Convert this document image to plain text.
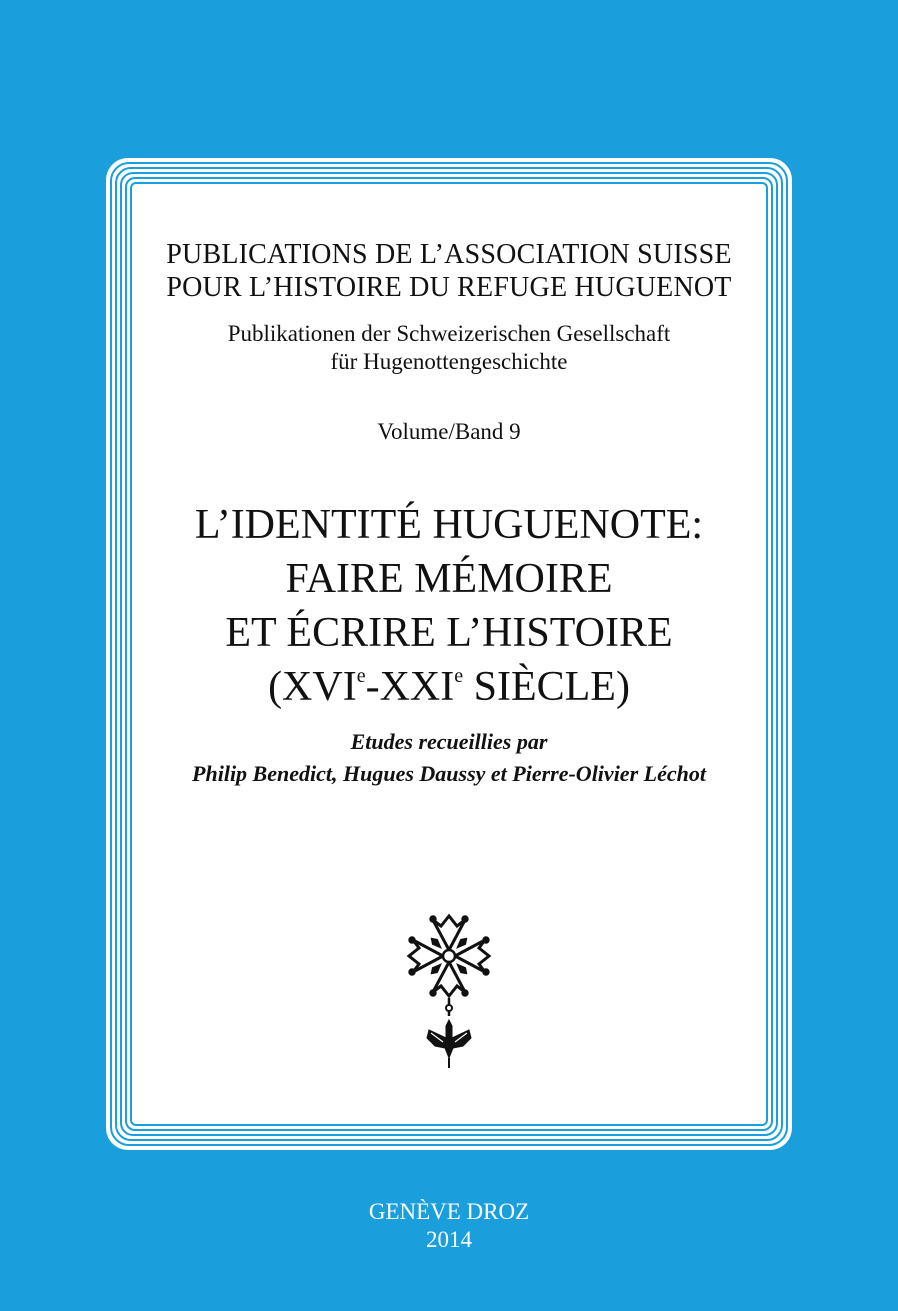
PUBLICATIONS DE L’ASSOCIATION SUISSE
POUR L’HISTOIRE DU REFUGE HUGUENOT
Publikationen der Schweizerischen Gesellschaft
für Hugenottengeschichte
Volume/Band 9
L’IDENTITÉ HUGUENOTE:
FAIRE MÉMOIRE
ET ÉCRIRE L’HISTOIRE
(XVIe-XXIe SIÈCLE)
Etudes recueillies par
Philip Benedict, Hugues Daussy et Pierre-Olivier Léchot
GENÈVE DROZ
2014
